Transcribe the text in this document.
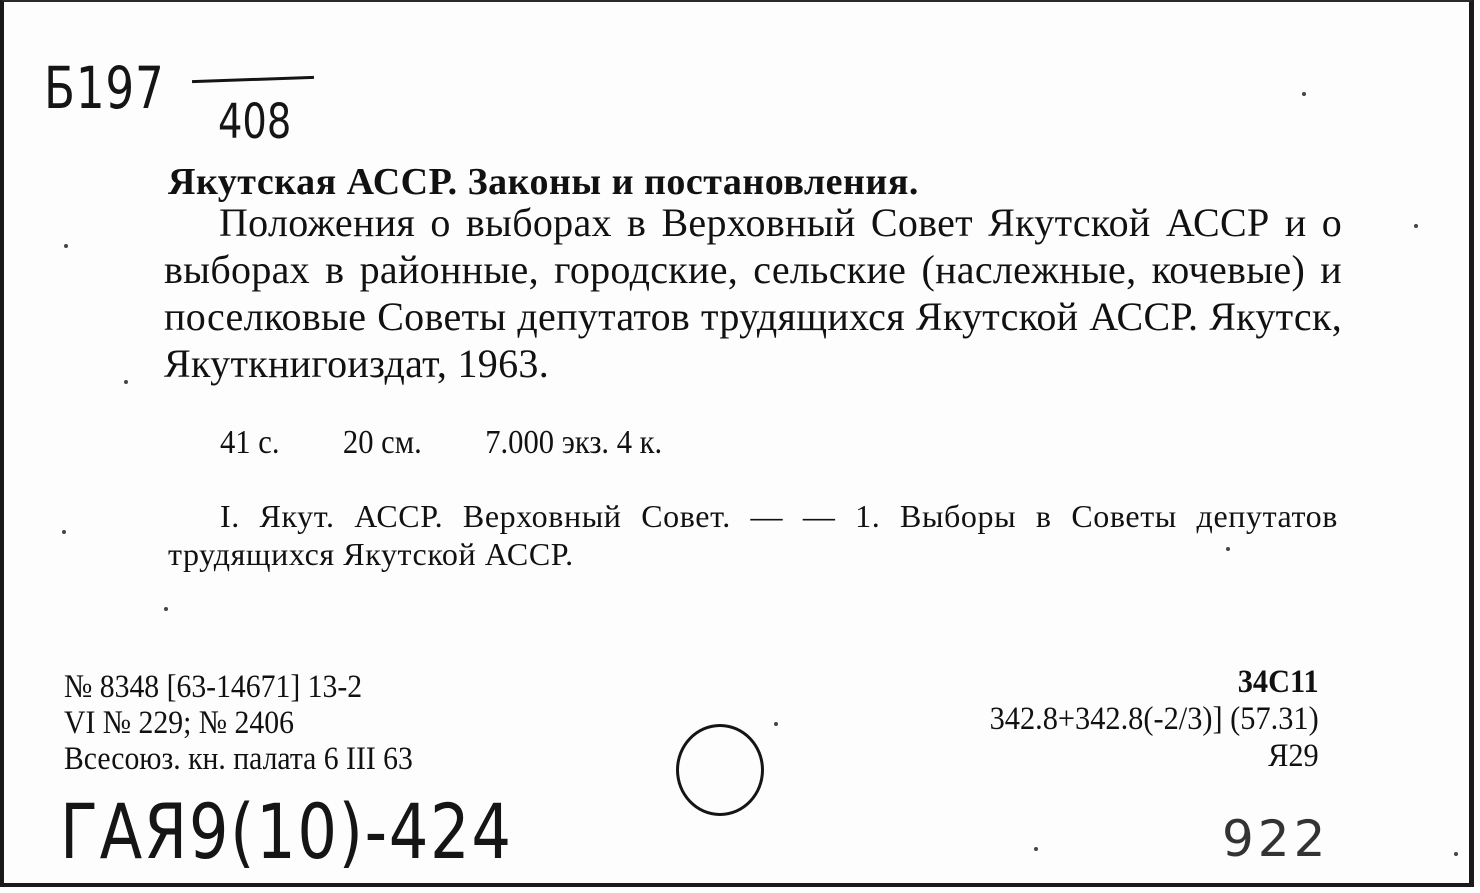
Б197 408
Якутская АССР. Законы и постановления.
Положения о выборах в Верховный Совет Якутской АССР и о выборах в районные, городские, сельские (наслежные, кочевые) и поселковые Советы депутатов трудящихся Якутской АССР. Якутск, Якуткнигоиздат, 1963.
41 с. 20 см. 7.000 экз. 4 к.
I. Якут. АССР. Верховный Совет. — — 1. Выборы в Советы депутатов трудящихся Якутской АССР.
№ 8348 [63-14671] 13-2
VI № 229; № 2406
Всесоюз. кн. палата 6 III 63
34С11
342.8+342.8(-2/3)] (57.31)
Я29
ГАЯ9(10)-424	922
